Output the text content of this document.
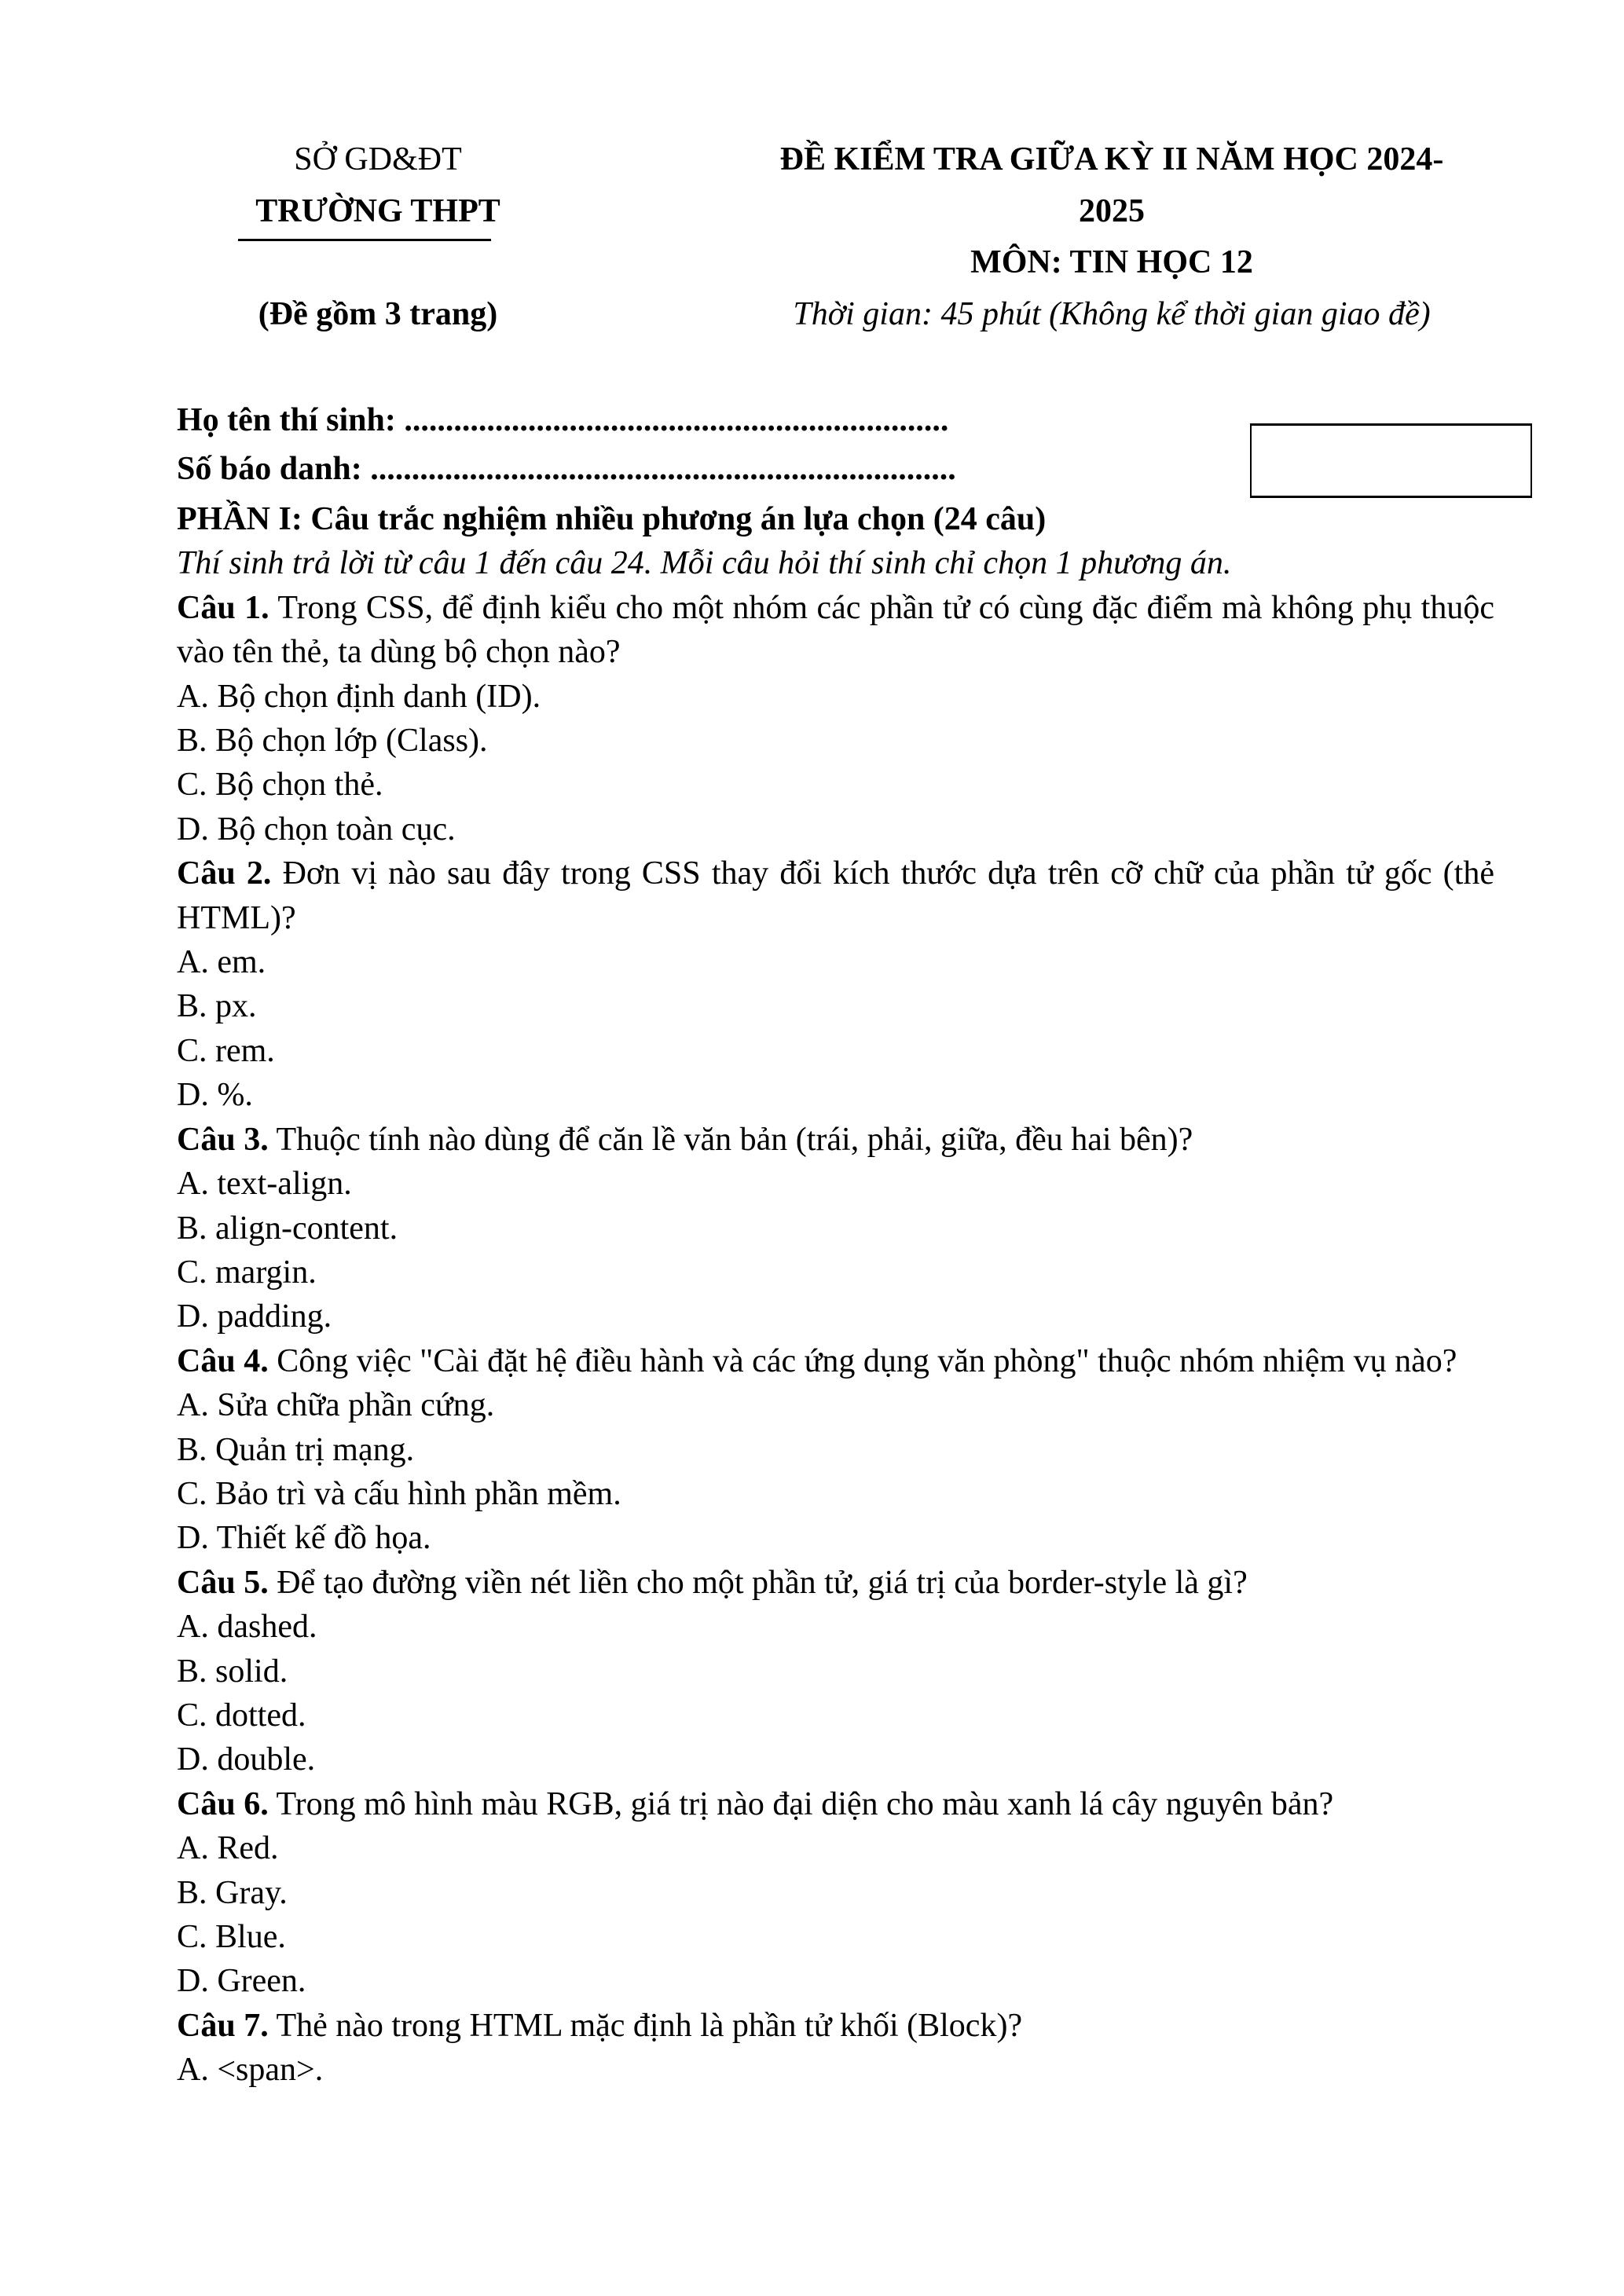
SỞ GD&ĐT
TRƯỜNG THPT
(Đề gồm 3 trang)
ĐỀ KIỂM TRA GIỮA KỲ II NĂM HỌC 2024-
2025
MÔN: TIN HỌC 12
Thời gian: 45 phút (Không kể thời gian giao đề)
Họ tên thí sinh: ..................................................................
Số báo danh: .......................................................................

PHẦN I: Câu trắc nghiệm nhiều phương án lựa chọn (24 câu)

Thí sinh trả lời từ câu 1 đến câu 24. Mỗi câu hỏi thí sinh chỉ chọn 1 phương án.

Câu 1. Trong CSS, để định kiểu cho một nhóm các phần tử có cùng đặc điểm mà không phụ thuộc vào tên thẻ, ta dùng bộ chọn nào?

A. Bộ chọn định danh (ID).

B. Bộ chọn lớp (Class).

C. Bộ chọn thẻ.

D. Bộ chọn toàn cục.

Câu 2. Đơn vị nào sau đây trong CSS thay đổi kích thước dựa trên cỡ chữ của phần tử gốc (thẻ HTML)?

A. em.

B. px.

C. rem.

D. %.

Câu 3. Thuộc tính nào dùng để căn lề văn bản (trái, phải, giữa, đều hai bên)?

A. text-align.

B. align-content.

C. margin.

D. padding.

Câu 4. Công việc "Cài đặt hệ điều hành và các ứng dụng văn phòng" thuộc nhóm nhiệm vụ nào?

A. Sửa chữa phần cứng.

B. Quản trị mạng.

C. Bảo trì và cấu hình phần mềm.

D. Thiết kế đồ họa.

Câu 5. Để tạo đường viền nét liền cho một phần tử, giá trị của border-style là gì?

A. dashed.

B. solid.

C. dotted.

D. double.

Câu 6. Trong mô hình màu RGB, giá trị nào đại diện cho màu xanh lá cây nguyên bản?

A. Red.

B. Gray.

C. Blue.

D. Green.

Câu 7. Thẻ nào trong HTML mặc định là phần tử khối (Block)?

A. <span>.
